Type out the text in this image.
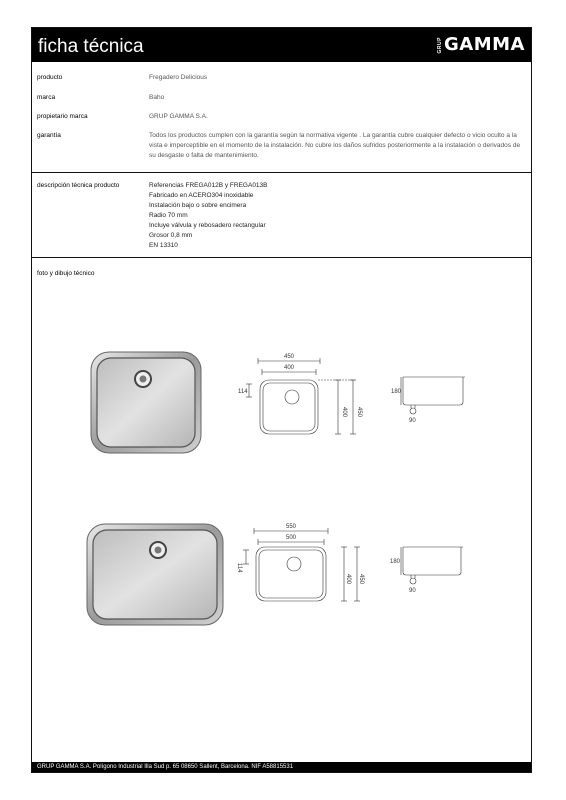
ficha técnica	GRUP GAMMA
producto	Fregadero Delicious
marca	Baho
propietario marca	GRUP GAMMA S.A.
garantía	Todos los productos cumplen con la garantía según la normativa vigente . La garantía cubre cualquier defecto o vicio oculto a la vista e imperceptible en el momento de la instalación. No cubre los daños sufridos posteriormente a la instalación o derivados de su desgaste o falta de mantenimiento.
descripción técnica producto	Referencias FREGA012B y FREGA013B
Fabricado en ACERO304 inoxidable
Instalación bajo o sobre encimera
Radio 70 mm
Incluye válvula y rebosadero rectangular
Grosor 0,8 mm
EN 13310
foto y dibujo técnico
450
400
114
400 450
180
90
550
500
114
400 450
180
90
GRUP GAMMA S.A. Polígono Industrial Illa Sud p. 65 08650 Sallent, Barcelona. NIF A58815531
